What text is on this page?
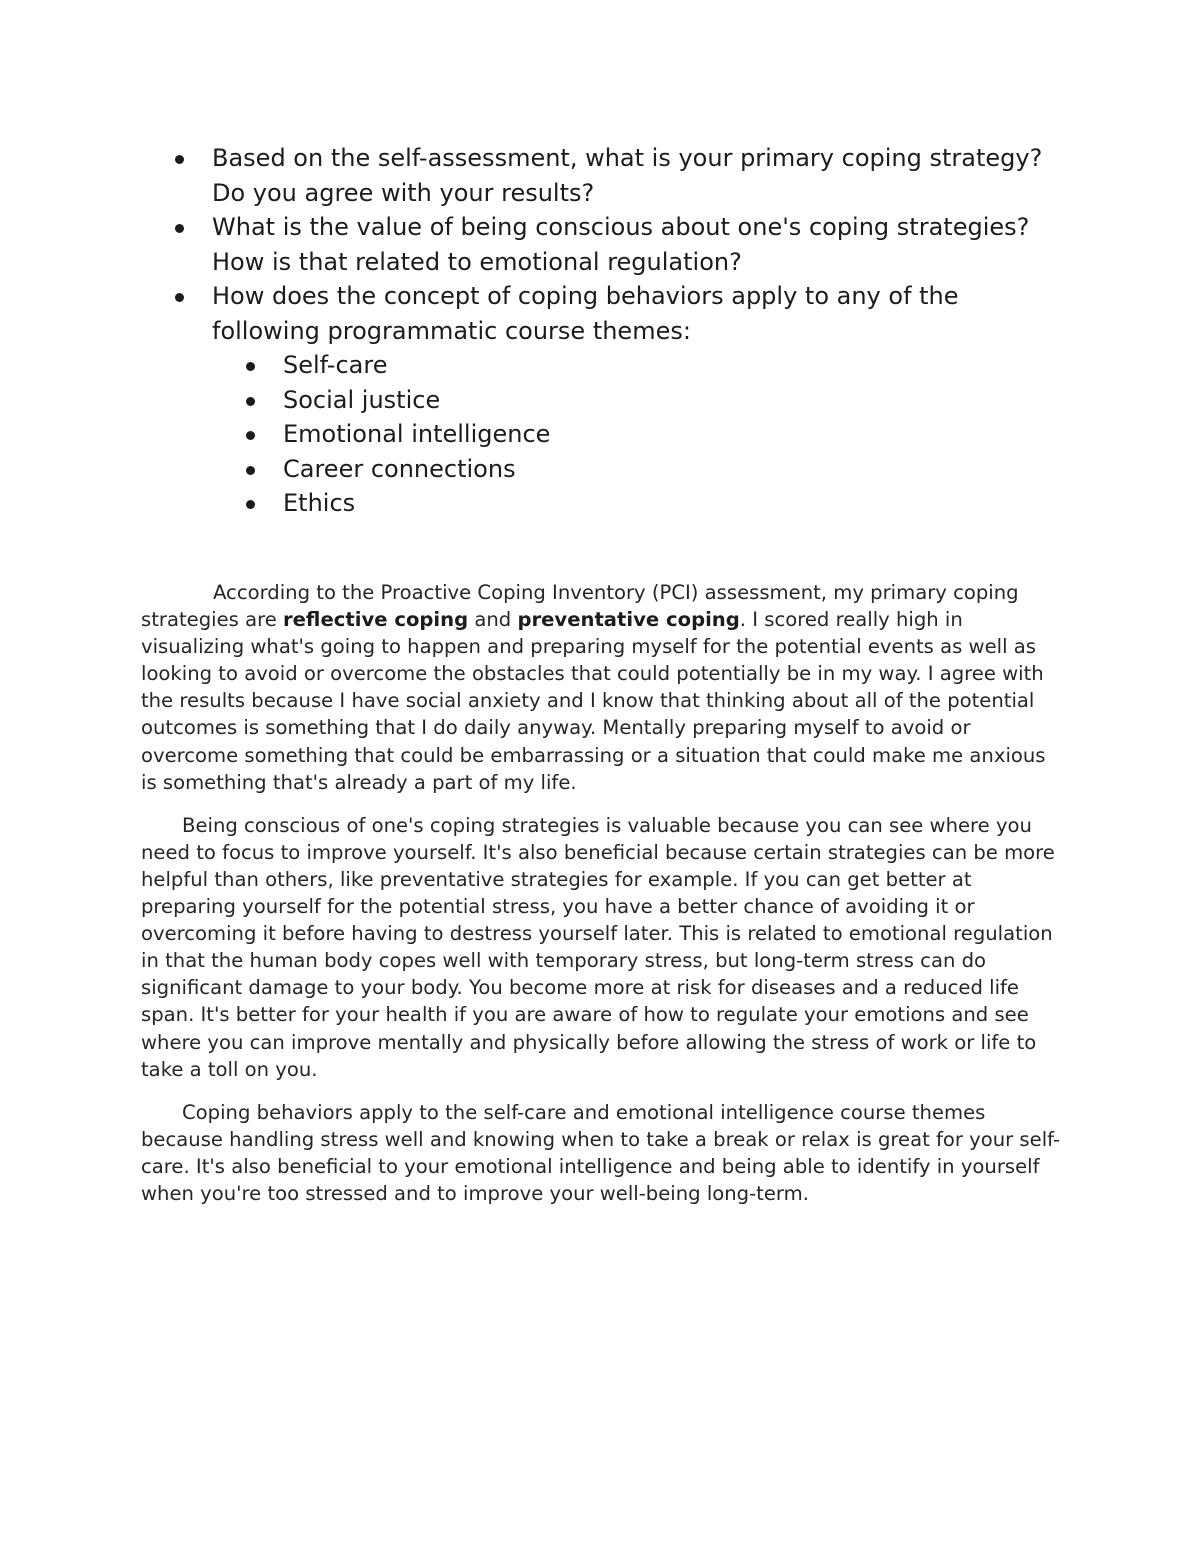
Based on the self-assessment, what is your primary coping strategy? Do you agree with your results?
What is the value of being conscious about one's coping strategies? How is that related to emotional regulation?
How does the concept of coping behaviors apply to any of the following programmatic course themes:
Self-care
Social justice
Emotional intelligence
Career connections
Ethics

According to the Proactive Coping Inventory (PCI) assessment, my primary coping strategies are reflective coping and preventative coping. I scored really high in visualizing what's going to happen and preparing myself for the potential events as well as looking to avoid or overcome the obstacles that could potentially be in my way. I agree with the results because I have social anxiety and I know that thinking about all of the potential outcomes is something that I do daily anyway. Mentally preparing myself to avoid or overcome something that could be embarrassing or a situation that could make me anxious is something that's already a part of my life.

Being conscious of one's coping strategies is valuable because you can see where you need to focus to improve yourself. It's also beneficial because certain strategies can be more helpful than others, like preventative strategies for example. If you can get better at preparing yourself for the potential stress, you have a better chance of avoiding it or overcoming it before having to destress yourself later. This is related to emotional regulation in that the human body copes well with temporary stress, but long-term stress can do significant damage to your body. You become more at risk for diseases and a reduced life span. It's better for your health if you are aware of how to regulate your emotions and see where you can improve mentally and physically before allowing the stress of work or life to take a toll on you.

Coping behaviors apply to the self-care and emotional intelligence course themes because handling stress well and knowing when to take a break or relax is great for your self-care. It's also beneficial to your emotional intelligence and being able to identify in yourself when you're too stressed and to improve your well-being long-term.
